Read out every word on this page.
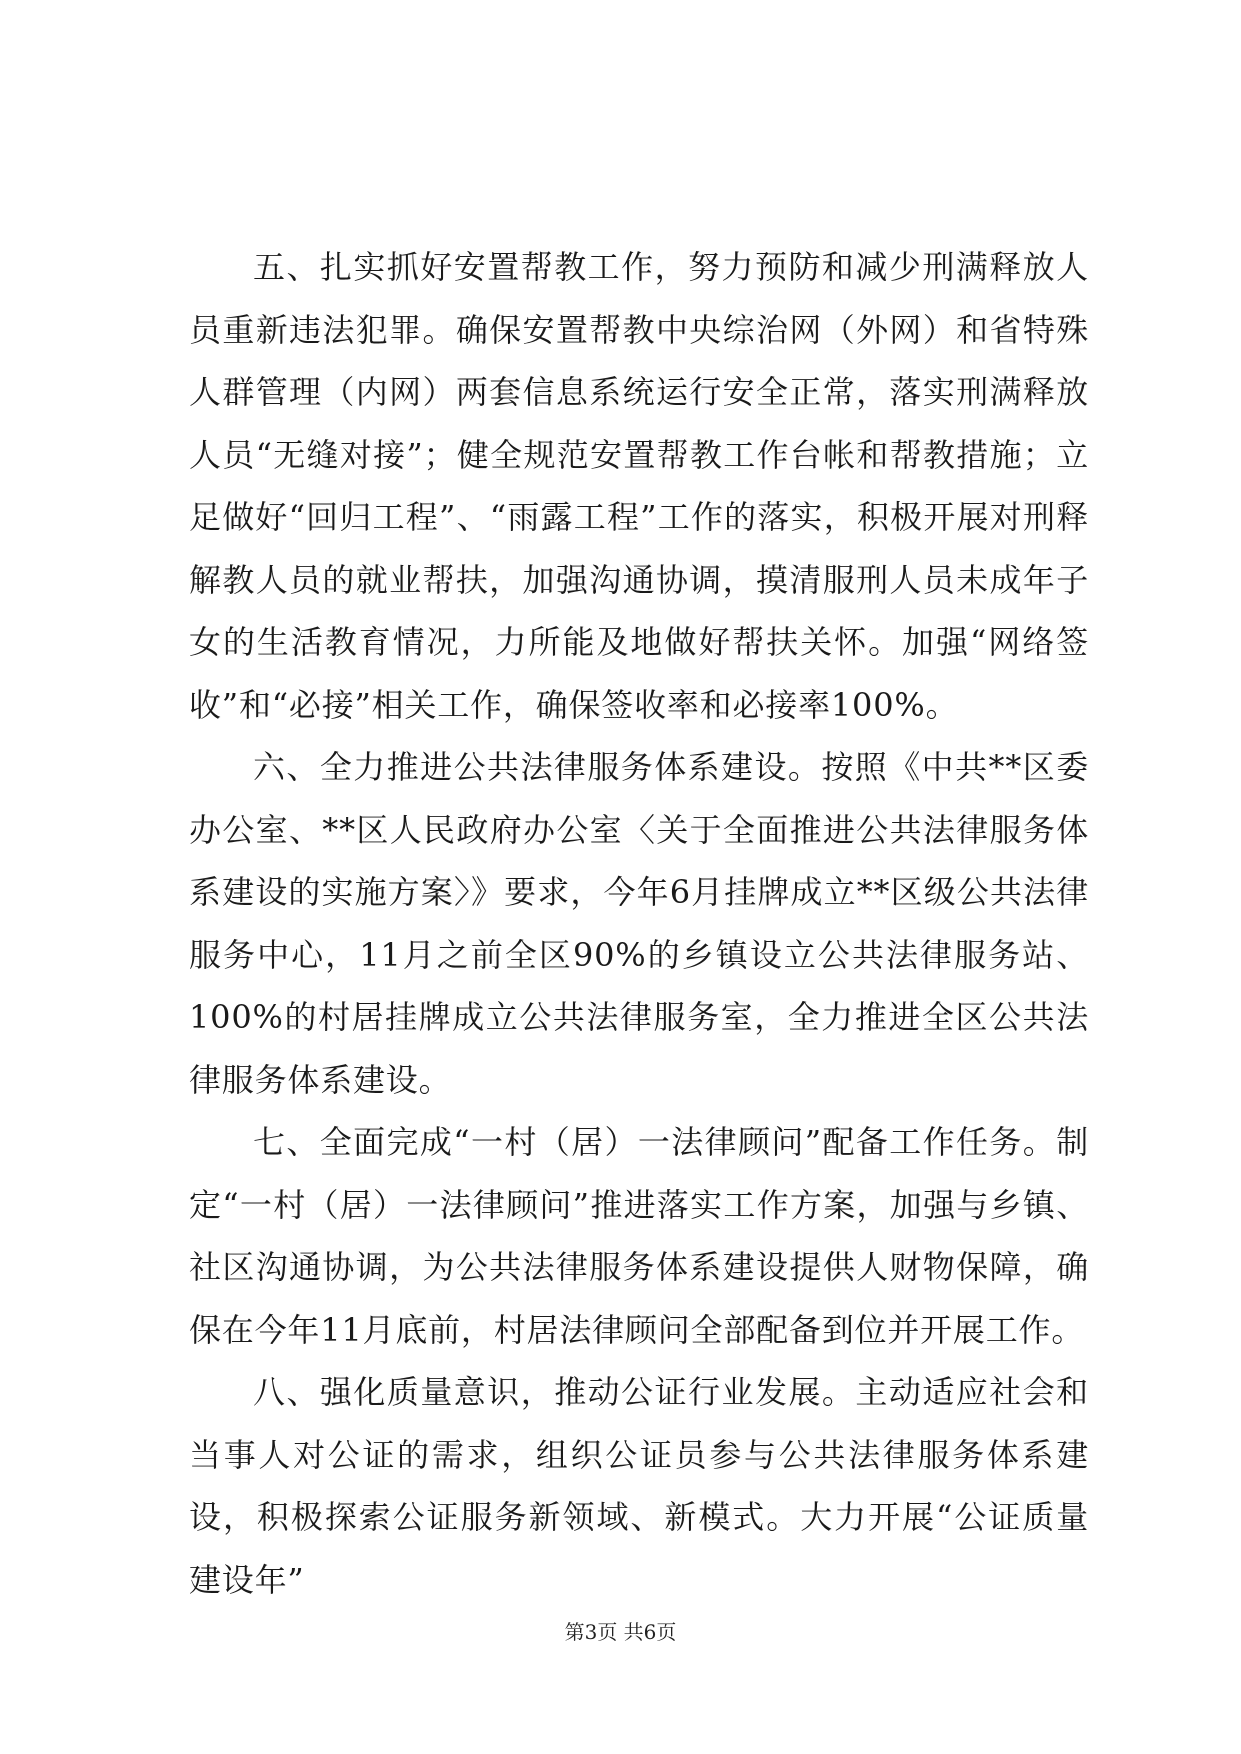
五、扎实抓好安置帮教工作，努力预防和减少刑满释放人员重新违法犯罪。确保安置帮教中央综治网（外网）和省特殊人群管理（内网）两套信息系统运行安全正常，落实刑满释放人员“无缝对接”；健全规范安置帮教工作台帐和帮教措施；立足做好“回归工程”、“雨露工程”工作的落实，积极开展对刑释解教人员的就业帮扶，加强沟通协调，摸清服刑人员未成年子女的生活教育情况，力所能及地做好帮扶关怀。加强“网络签收”和“必接”相关工作，确保签收率和必接率100%。

六、全力推进公共法律服务体系建设。按照《中共**区委办公室、**区人民政府办公室〈关于全面推进公共法律服务体系建设的实施方案〉》要求，今年6月挂牌成立**区级公共法律服务中心，11月之前全区90%的乡镇设立公共法律服务站、100%的村居挂牌成立公共法律服务室，全力推进全区公共法律服务体系建设。

七、全面完成“一村（居）一法律顾问”配备工作任务。制定“一村（居）一法律顾问”推进落实工作方案，加强与乡镇、社区沟通协调，为公共法律服务体系建设提供人财物保障，确保在今年11月底前，村居法律顾问全部配备到位并开展工作。

八、强化质量意识，推动公证行业发展。主动适应社会和当事人对公证的需求，组织公证员参与公共法律服务体系建设，积极探索公证服务新领域、新模式。大力开展“公证质量建设年”

第3页 共6页
